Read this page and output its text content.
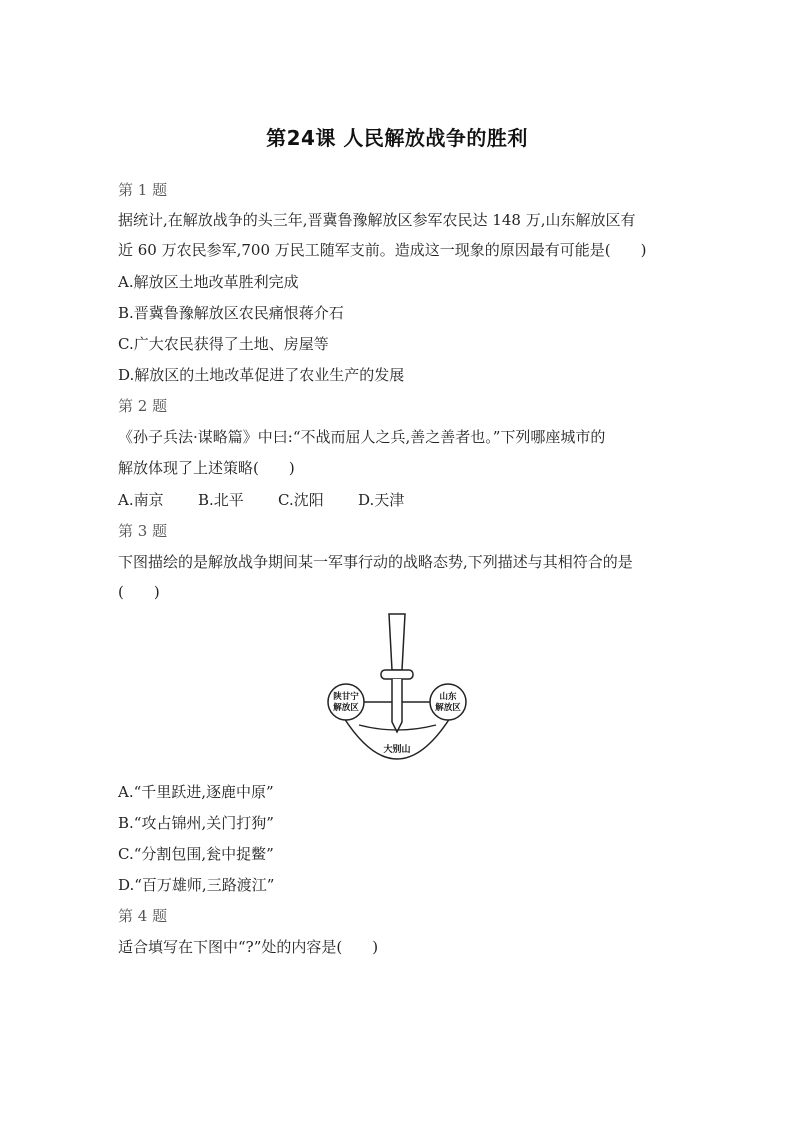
第24课 人民解放战争的胜利
第 1 题
据统计,在解放战争的头三年,晋冀鲁豫解放区参军农民达 148 万,山东解放区有
近 60 万农民参军,700 万民工随军支前。造成这一现象的原因最有可能是(　　)
A.解放区土地改革胜利完成
B.晋冀鲁豫解放区农民痛恨蒋介石
C.广大农民获得了土地、房屋等
D.解放区的土地改革促进了农业生产的发展
第 2 题
《孙子兵法·谋略篇》中曰:“不战而屈人之兵,善之善者也。”下列哪座城市的
解放体现了上述策略(　　)
A.南京 B.北平 C.沈阳 D.天津
第 3 题
下图描绘的是解放战争期间某一军事行动的战略态势,下列描述与其相符合的是
(　　)
陕甘宁
解放区
山东
解放区
大别山
A.“千里跃进,逐鹿中原”
B.“攻占锦州,关门打狗”
C.“分割包围,瓮中捉鳖”
D.“百万雄师,三路渡江”
第 4 题
适合填写在下图中“?”处的内容是(　　)
